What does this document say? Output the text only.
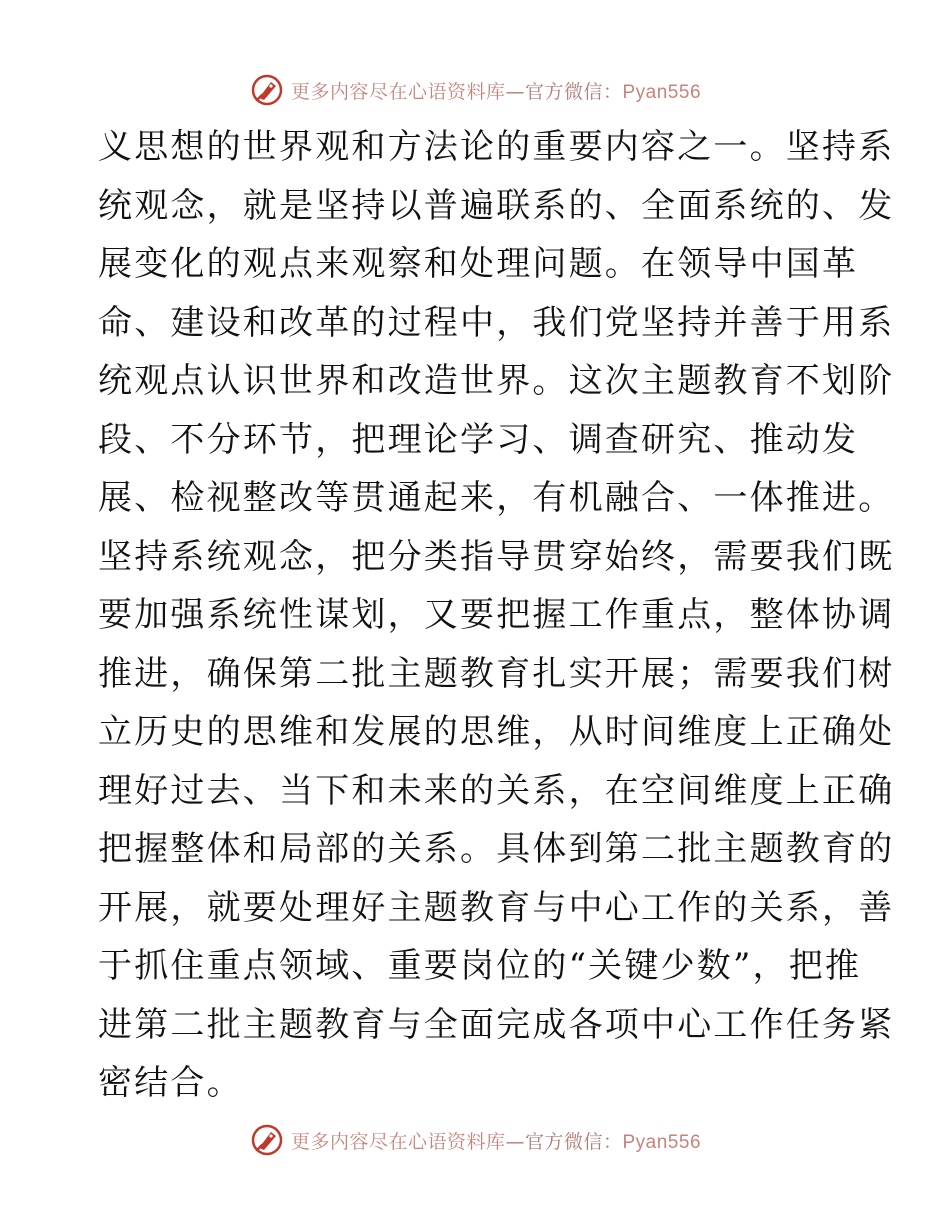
更多内容尽在心语资料库—官方微信：Pyan556
义思想的世界观和方法论的重要内容之一。坚持系
统观念，就是坚持以普遍联系的、全面系统的、发
展变化的观点来观察和处理问题。在领导中国革
命、建设和改革的过程中，我们党坚持并善于用系
统观点认识世界和改造世界。这次主题教育不划阶
段、不分环节，把理论学习、调查研究、推动发
展、检视整改等贯通起来，有机融合、一体推进。
坚持系统观念，把分类指导贯穿始终，需要我们既
要加强系统性谋划，又要把握工作重点，整体协调
推进，确保第二批主题教育扎实开展；需要我们树
立历史的思维和发展的思维，从时间维度上正确处
理好过去、当下和未来的关系，在空间维度上正确
把握整体和局部的关系。具体到第二批主题教育的
开展，就要处理好主题教育与中心工作的关系，善
于抓住重点领域、重要岗位的“关键少数”，把推
进第二批主题教育与全面完成各项中心工作任务紧
密结合。
更多内容尽在心语资料库—官方微信：Pyan556
